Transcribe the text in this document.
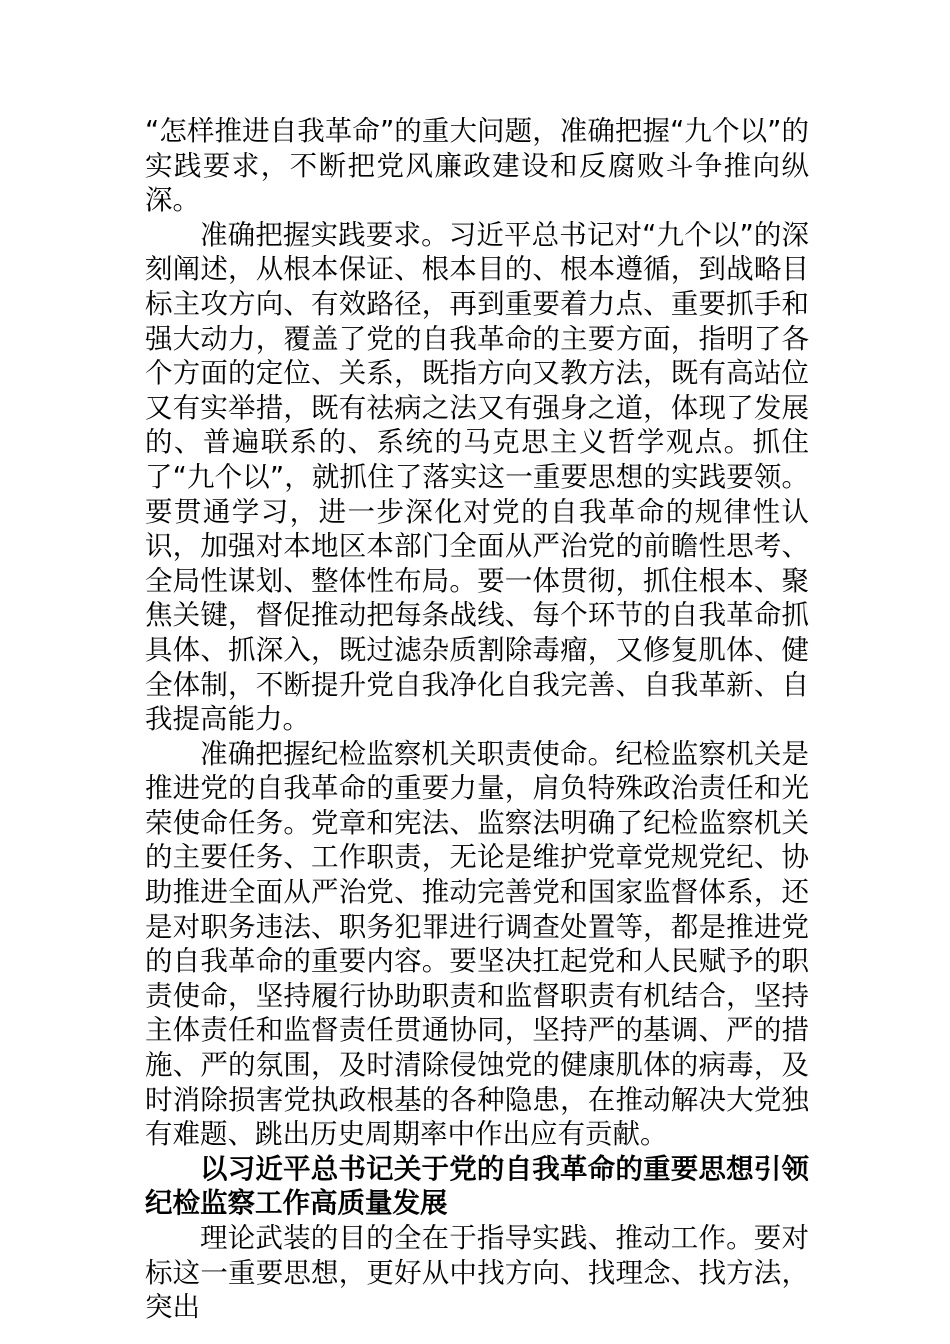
“怎样推进自我革命”的重大问题，准确把握“九个以”的实践要求，不断把党风廉政建设和反腐败斗争推向纵深。

准确把握实践要求。习近平总书记对“九个以”的深刻阐述，从根本保证、根本目的、根本遵循，到战略目标主攻方向、有效路径，再到重要着力点、重要抓手和强大动力，覆盖了党的自我革命的主要方面，指明了各个方面的定位、关系，既指方向又教方法，既有高站位又有实举措，既有祛病之法又有强身之道，体现了发展的、普遍联系的、系统的马克思主义哲学观点。抓住了“九个以”，就抓住了落实这一重要思想的实践要领。要贯通学习，进一步深化对党的自我革命的规律性认识，加强对本地区本部门全面从严治党的前瞻性思考、全局性谋划、整体性布局。要一体贯彻，抓住根本、聚焦关键，督促推动把每条战线、每个环节的自我革命抓具体、抓深入，既过滤杂质割除毒瘤，又修复肌体、健全体制，不断提升党自我净化自我完善、自我革新、自我提高能力。

准确把握纪检监察机关职责使命。纪检监察机关是推进党的自我革命的重要力量，肩负特殊政治责任和光荣使命任务。党章和宪法、监察法明确了纪检监察机关的主要任务、工作职责，无论是维护党章党规党纪、协助推进全面从严治党、推动完善党和国家监督体系，还是对职务违法、职务犯罪进行调查处置等，都是推进党的自我革命的重要内容。要坚决扛起党和人民赋予的职责使命，坚持履行协助职责和监督职责有机结合，坚持主体责任和监督责任贯通协同，坚持严的基调、严的措施、严的氛围，及时清除侵蚀党的健康肌体的病毒，及时消除损害党执政根基的各种隐患，在推动解决大党独有难题、跳出历史周期率中作出应有贡献。

以习近平总书记关于党的自我革命的重要思想引领纪检监察工作高质量发展

理论武装的目的全在于指导实践、推动工作。要对标这一重要思想，更好从中找方向、找理念、找方法，突出
